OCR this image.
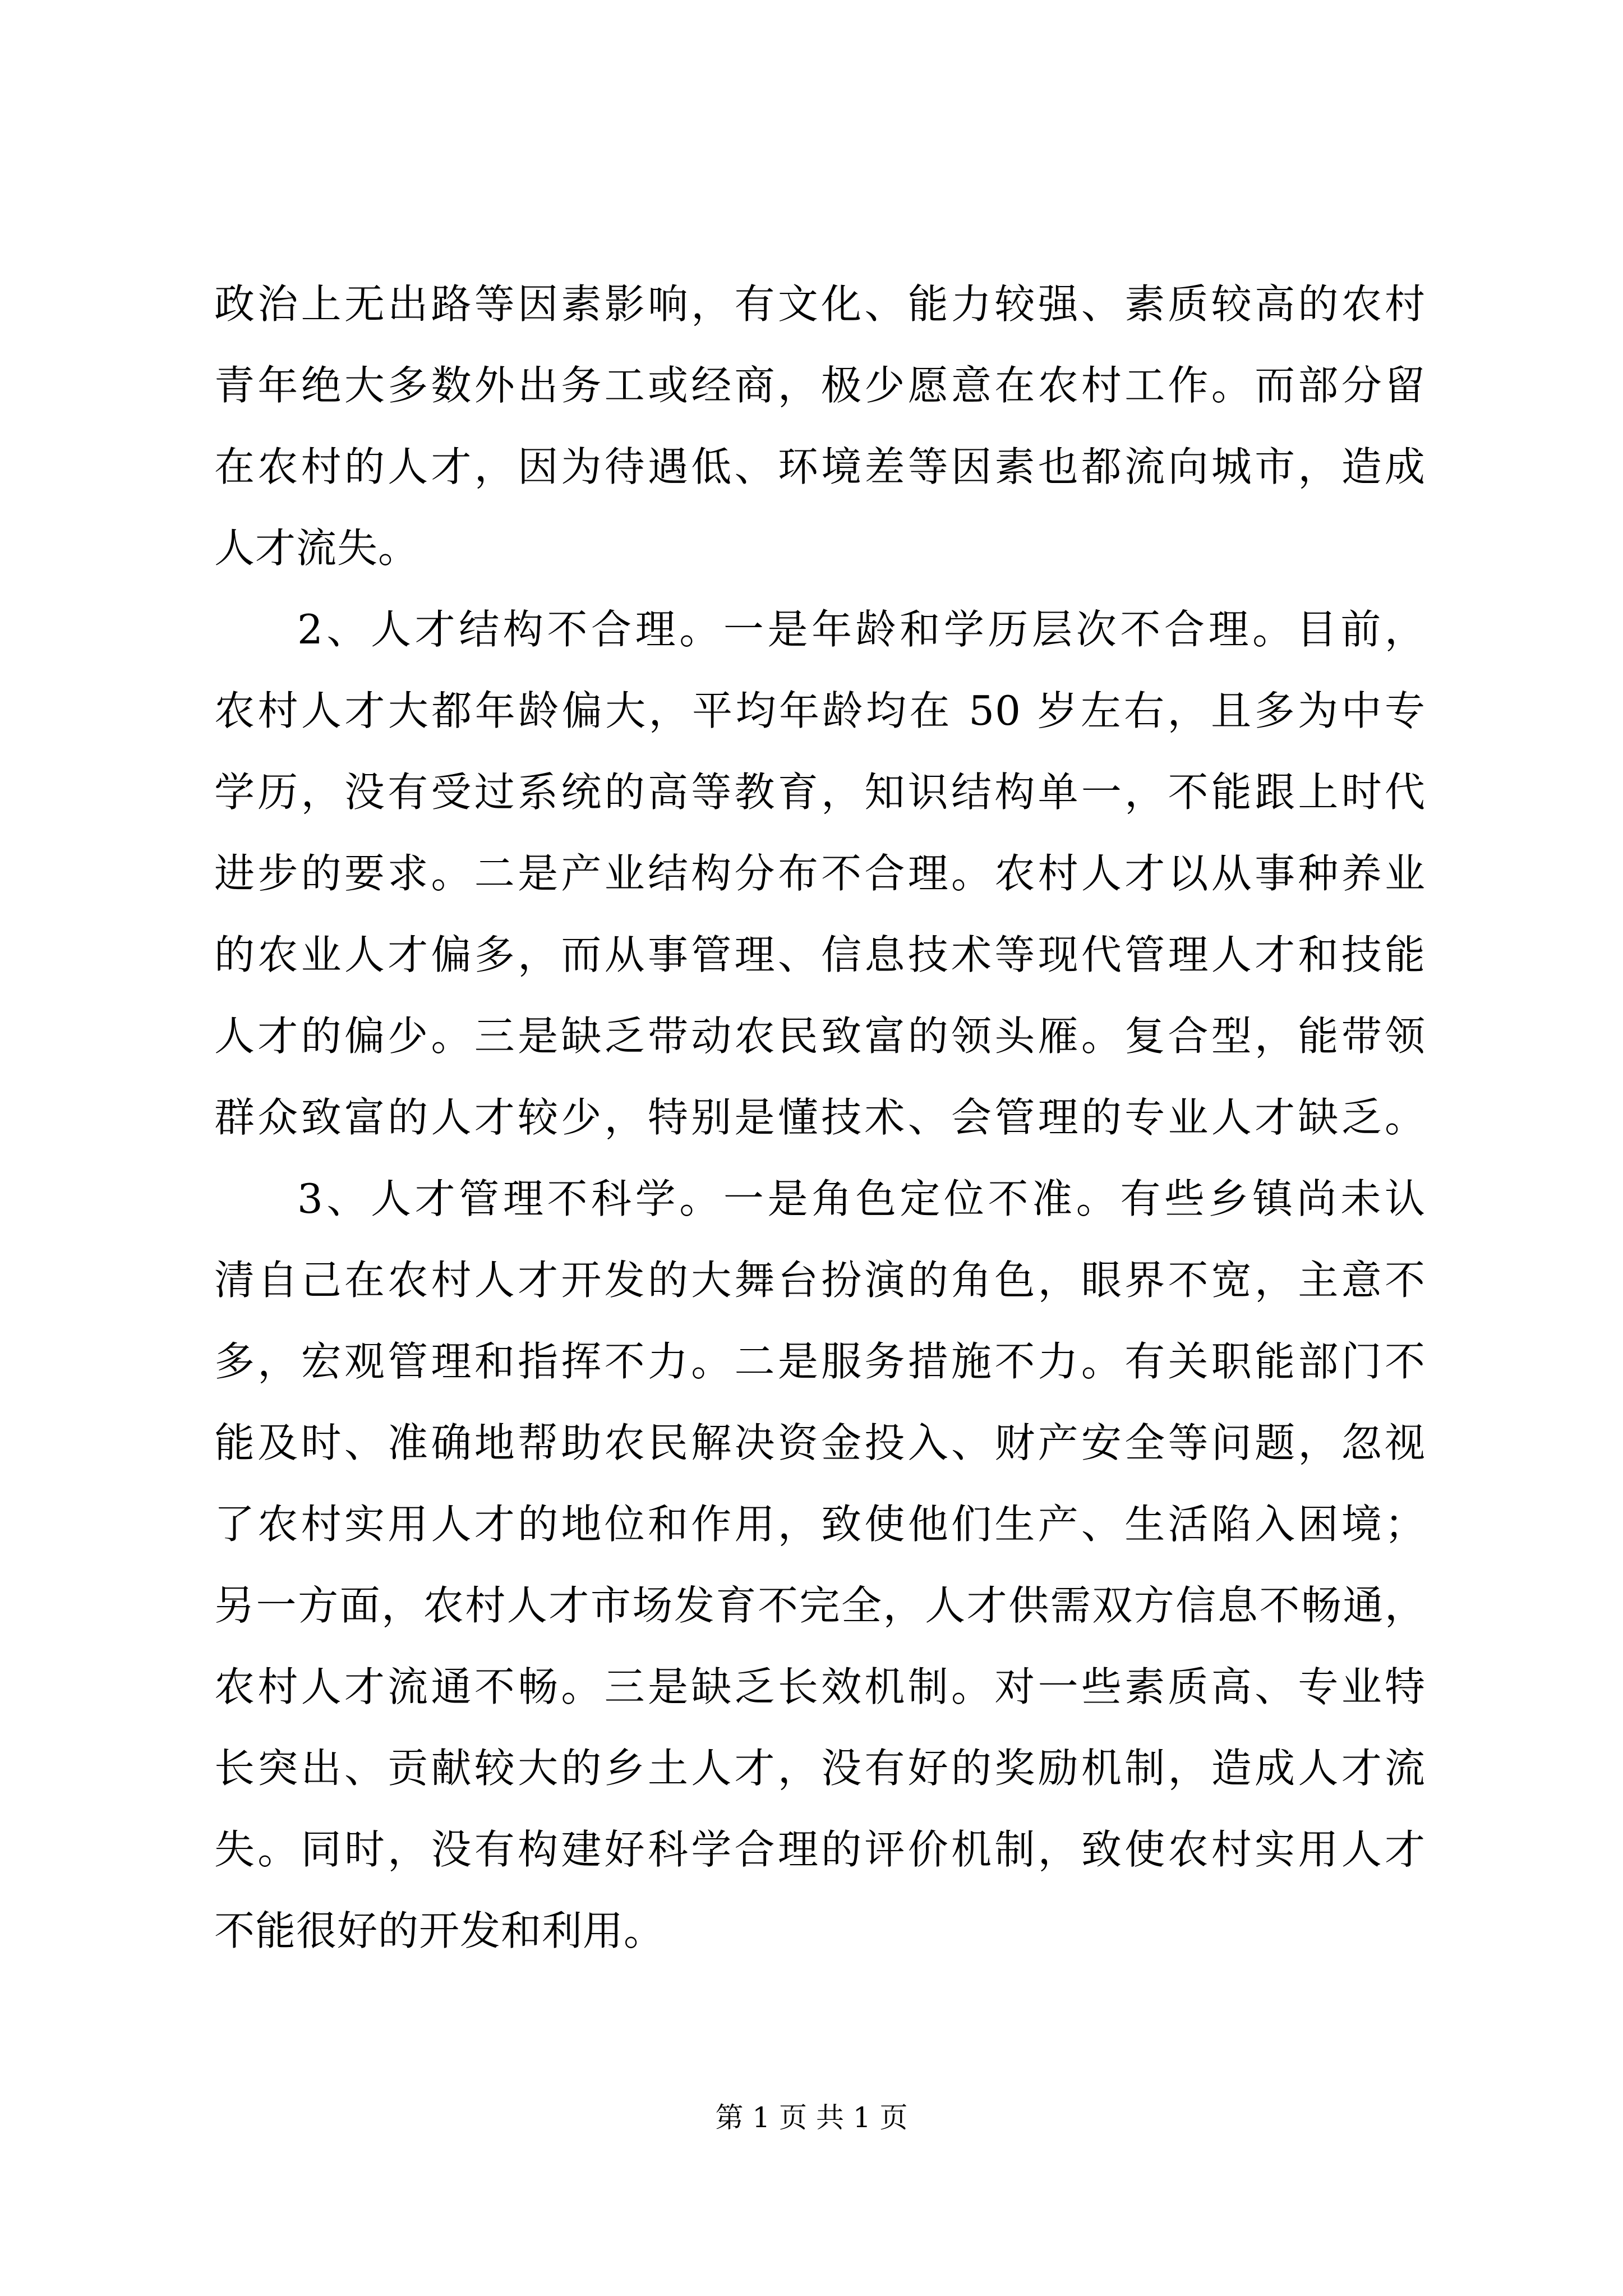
政治上无出路等因素影响，有文化、能力较强、素质较高的农村
青年绝大多数外出务工或经商，极少愿意在农村工作。而部分留
在农村的人才，因为待遇低、环境差等因素也都流向城市，造成
人才流失。
2、人才结构不合理。一是年龄和学历层次不合理。目前，
农村人才大都年龄偏大，平均年龄均在 50 岁左右，且多为中专
学历，没有受过系统的高等教育，知识结构单一，不能跟上时代
进步的要求。二是产业结构分布不合理。农村人才以从事种养业
的农业人才偏多，而从事管理、信息技术等现代管理人才和技能
人才的偏少。三是缺乏带动农民致富的领头雁。复合型，能带领
群众致富的人才较少，特别是懂技术、会管理的专业人才缺乏。
3、人才管理不科学。一是角色定位不准。有些乡镇尚未认
清自己在农村人才开发的大舞台扮演的角色，眼界不宽，主意不
多，宏观管理和指挥不力。二是服务措施不力。有关职能部门不
能及时、准确地帮助农民解决资金投入、财产安全等问题，忽视
了农村实用人才的地位和作用，致使他们生产、生活陷入困境；
另一方面，农村人才市场发育不完全，人才供需双方信息不畅通，
农村人才流通不畅。三是缺乏长效机制。对一些素质高、专业特
长突出、贡献较大的乡土人才，没有好的奖励机制，造成人才流
失。同时，没有构建好科学合理的评价机制，致使农村实用人才
不能很好的开发和利用。
第 1 页 共 1 页
